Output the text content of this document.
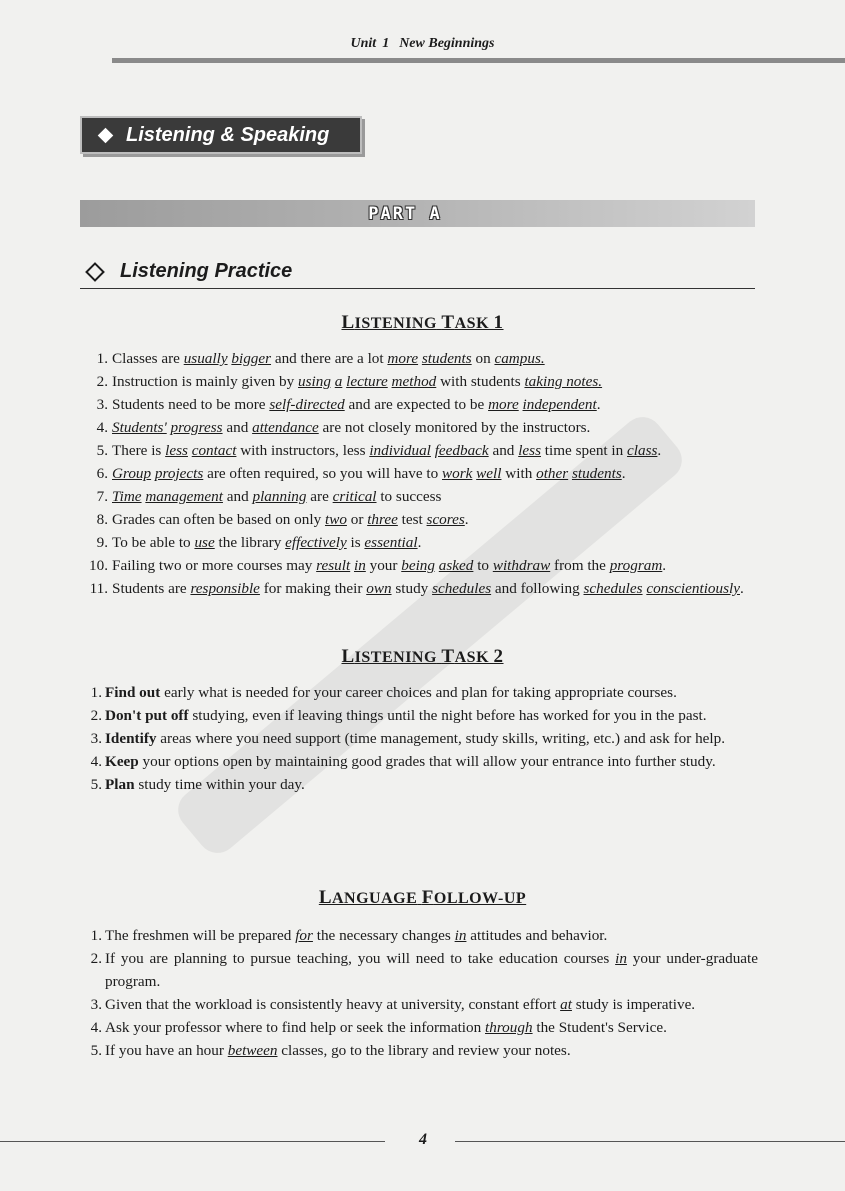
Unit 1 New Beginnings
Listening & Speaking
PART A
Listening Practice
LISTENING TASK 1
1. Classes are usually bigger and there are a lot more students on campus.
2. Instruction is mainly given by using a lecture method with students taking notes.
3. Students need to be more self-directed and are expected to be more independent.
4. Students' progress and attendance are not closely monitored by the instructors.
5. There is less contact with instructors, less individual feedback and less time spent in class.
6. Group projects are often required, so you will have to work well with other students.
7. Time management and planning are critical to success
8. Grades can often be based on only two or three test scores.
9. To be able to use the library effectively is essential.
10. Failing two or more courses may result in your being asked to withdraw from the program.
11. Students are responsible for making their own study schedules and following schedules conscientiously.
LISTENING TASK 2
1. Find out early what is needed for your career choices and plan for taking appropriate courses.
2. Don't put off studying, even if leaving things until the night before has worked for you in the past.
3. Identify areas where you need support (time management, study skills, writing, etc.) and ask for help.
4. Keep your options open by maintaining good grades that will allow your entrance into further study.
5. Plan study time within your day.
LANGUAGE FOLLOW-UP
1. The freshmen will be prepared for the necessary changes in attitudes and behavior.
2. If you are planning to pursue teaching, you will need to take education courses in your under-graduate program.
3. Given that the workload is consistently heavy at university, constant effort at study is imperative.
4. Ask your professor where to find help or seek the information through the Student's Service.
5. If you have an hour between classes, go to the library and review your notes.
4
